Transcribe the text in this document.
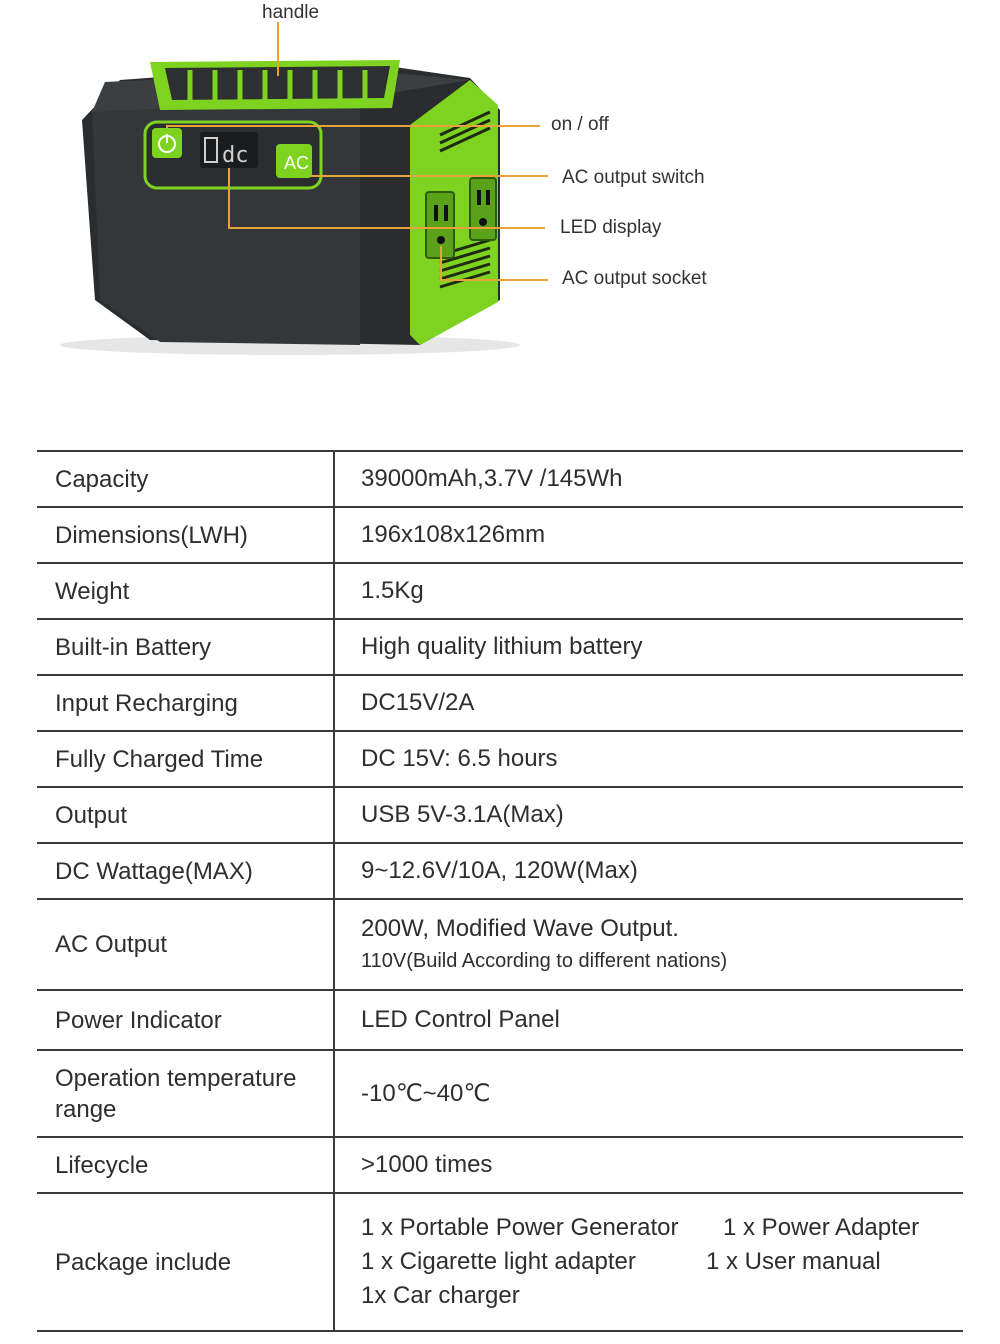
dc AC
handle
on / off
AC output switch
LED display
AC output socket
Capacity	39000mAh,3.7V /145Wh
Dimensions(LWH)	196x108x126mm
Weight	1.5Kg
Built-in Battery	High quality lithium battery
Input Recharging	DC15V/2A
Fully Charged Time	DC 15V: 6.5 hours
Output	USB 5V-3.1A(Max)
DC Wattage(MAX)	9~12.6V/10A, 120W(Max)
AC Output	200W, Modified Wave Output.
110V(Build According to different nations)

Power Indicator	LED Control Panel
Operation temperature range	-10℃~40℃
Lifecycle	>1000 times
Package include	1 x Portable Power Generator 1 x Power Adapter
1 x Cigarette light adapter 1 x User manual
1x Car charger
